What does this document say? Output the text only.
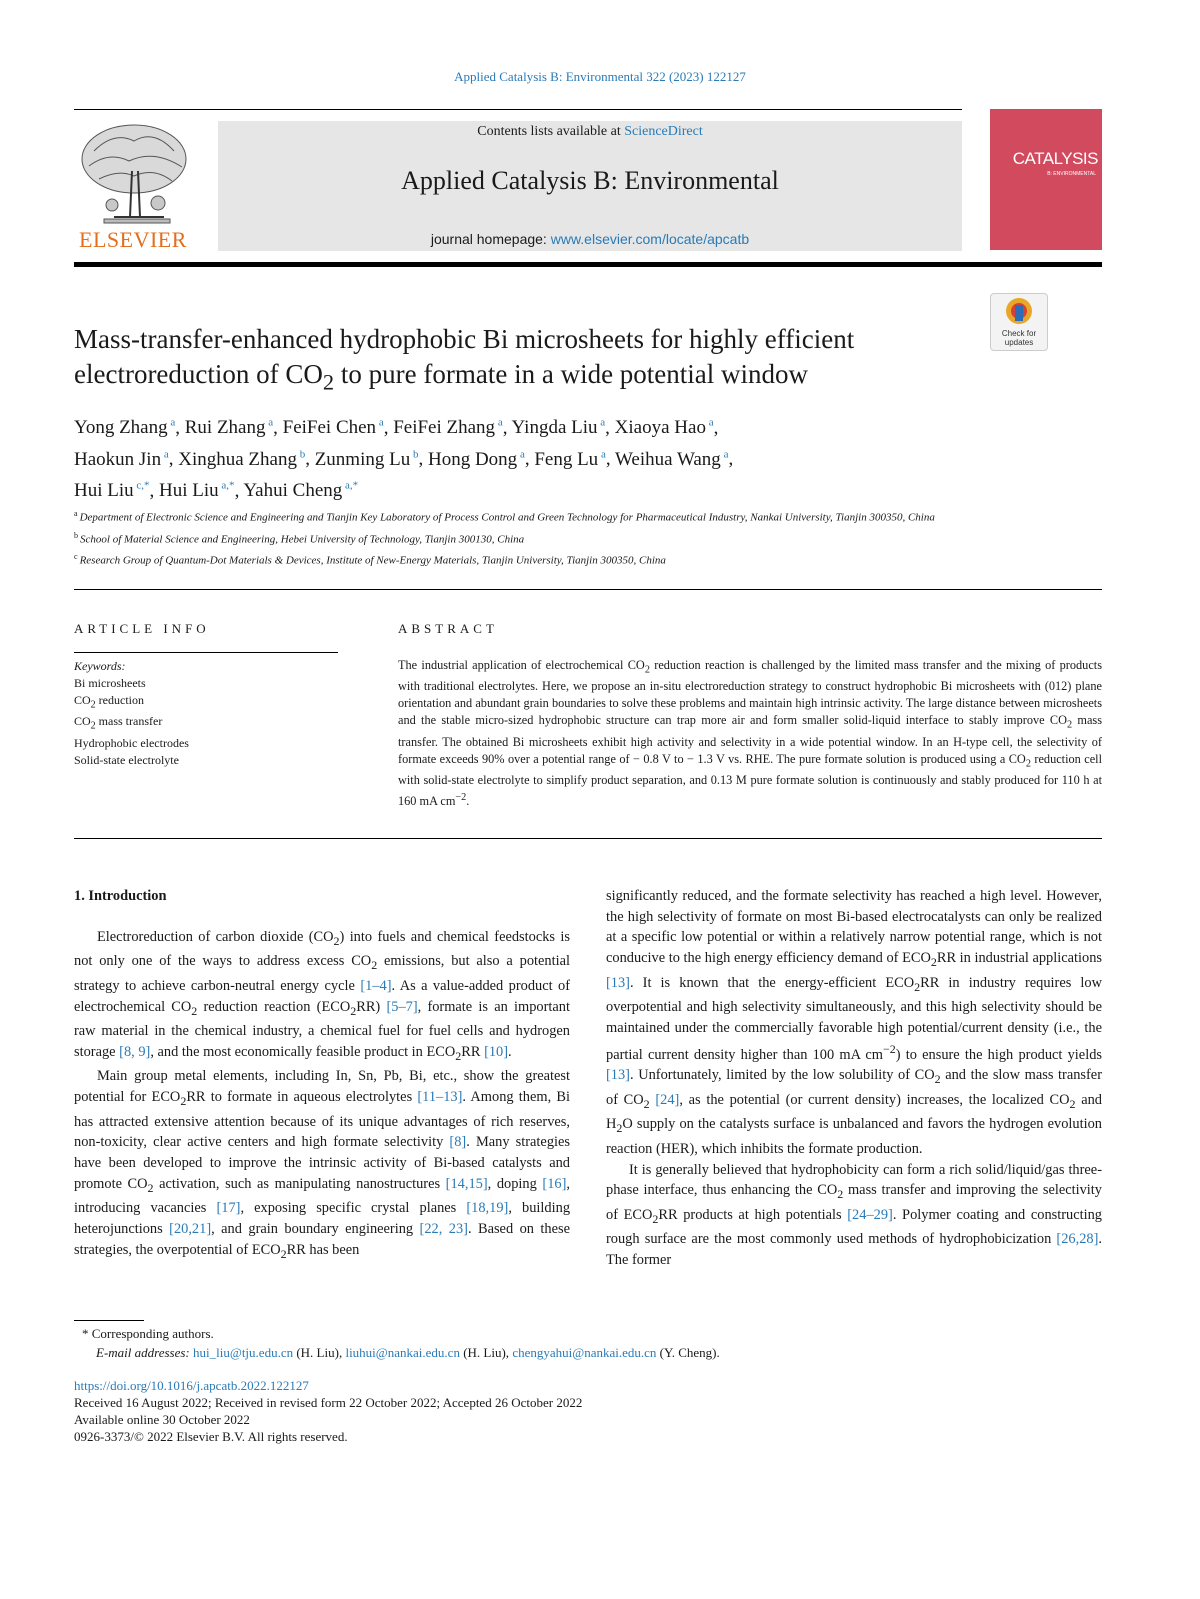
Applied Catalysis B: Environmental 322 (2023) 122127
ELSEVIER
Contents lists available at ScienceDirect
Applied Catalysis B: Environmental
journal homepage: www.elsevier.com/locate/apcatb
CATALYSIS
B: ENVIRONMENTAL
Check for updates
Mass-transfer-enhanced hydrophobic Bi microsheets for highly efficient
electroreduction of $CO_2$ to pure formate in a wide potential window
Yong Zhang $^a$, Rui Zhang $^a$, FeiFei Chen $^a$, FeiFei Zhang $^a$, Yingda Liu $^a$, Xiaoya Hao $^a$,
Haokun Jin $^a$, Xinghua Zhang $^b$, Zunming Lu $^b$, Hong Dong $^a$, Feng Lu $^a$, Weihua Wang $^a$,
Hui Liu $^{c,*}$, Hui Liu $^{a,*}$, Yahui Cheng $^{a,*}$
$^a$ Department of Electronic Science and Engineering and Tianjin Key Laboratory of Process Control and Green Technology for Pharmaceutical Industry, Nankai University, Tianjin 300350, China
$^b$ School of Material Science and Engineering, Hebei University of Technology, Tianjin 300130, China
$^c$ Research Group of Quantum-Dot Materials & Devices, Institute of New-Energy Materials, Tianjin University, Tianjin 300350, China
ARTICLE INFO	ABSTRACT
Keywords:
Bi microsheets
$CO_2$ reduction
$CO_2$ mass transfer
Hydrophobic electrodes
Solid-state electrolyte
The industrial application of electrochemical $CO_2$ reduction reaction is challenged by the limited mass transfer and the mixing of products with traditional electrolytes. Here, we propose an in-situ electroreduction strategy to construct hydrophobic Bi microsheets with (012) plane orientation and abundant grain boundaries to solve these problems and maintain high intrinsic activity. The large distance between microsheets and the stable micro-sized hydrophobic structure can trap more air and form smaller solid-liquid interface to stably improve $CO_2$ mass transfer. The obtained Bi microsheets exhibit high activity and selectivity in a wide potential window. In an H-type cell, the selectivity of formate exceeds 90% over a potential range of − 0.8 V to − 1.3 V vs. RHE. The pure formate solution is produced using a $CO_2$ reduction cell with solid-state electrolyte to simplify product separation, and 0.13 M pure formate solution is continuously and stably produced for 110 h at 160 mA $cm^{-2}$.

1. Introduction

Electroreduction of carbon dioxide $(CO_2)$ into fuels and chemical feedstocks is not only one of the ways to address excess $CO_2$ emissions, but also a potential strategy to achieve carbon-neutral energy cycle [1–4]. As a value-added product of electrochemical $CO_2$ reduction reaction $(ECO_2RR)$ [5–7], formate is an important raw material in the chemical industry, a chemical fuel for fuel cells and hydrogen storage [8, 9], and the most economically feasible product in $ECO_2RR$ [10].

Main group metal elements, including In, Sn, Pb, Bi, etc., show the greatest potential for $ECO_2RR$ to formate in aqueous electrolytes [11–13]. Among them, Bi has attracted extensive attention because of its unique advantages of rich reserves, non-toxicity, clear active centers and high formate selectivity [8]. Many strategies have been developed to improve the intrinsic activity of Bi-based catalysts and promote $CO_2$ activation, such as manipulating nanostructures [14,15], doping [16], introducing vacancies [17], exposing specific crystal planes [18,19], building heterojunctions [20,21], and grain boundary engineering [22, 23]. Based on these strategies, the overpotential of $ECO_2RR$ has been

significantly reduced, and the formate selectivity has reached a high level. However, the high selectivity of formate on most Bi-based electrocatalysts can only be realized at a specific low potential or within a relatively narrow potential range, which is not conducive to the high energy efficiency demand of $ECO_2RR$ in industrial applications [13]. It is known that the energy-efficient $ECO_2RR$ in industry requires low overpotential and high selectivity simultaneously, and this high selectivity should be maintained under the commercially favorable high potential/current density (i.e., the partial current density higher than 100 mA $cm^{-2}$) to ensure the high product yields [13]. Unfortunately, limited by the low solubility of $CO_2$ and the slow mass transfer of $CO_2$ [24], as the potential (or current density) increases, the localized $CO_2$ and $H_2O$ supply on the catalysts surface is unbalanced and favors the hydrogen evolution reaction (HER), which inhibits the formate production.

It is generally believed that hydrophobicity can form a rich solid/liquid/gas three-phase interface, thus enhancing the $CO_2$ mass transfer and improving the selectivity of $ECO_2RR$ products at high potentials [24–29]. Polymer coating and constructing rough surface are the most commonly used methods of hydrophobicization [26,28]. The former

* Corresponding authors.
E-mail addresses: hui_liu@tju.edu.cn (H. Liu), liuhui@nankai.edu.cn (H. Liu), chengyahui@nankai.edu.cn (Y. Cheng).
https://doi.org/10.1016/j.apcatb.2022.122127
Received 16 August 2022; Received in revised form 22 October 2022; Accepted 26 October 2022
Available online 30 October 2022
0926-3373/© 2022 Elsevier B.V. All rights reserved.
